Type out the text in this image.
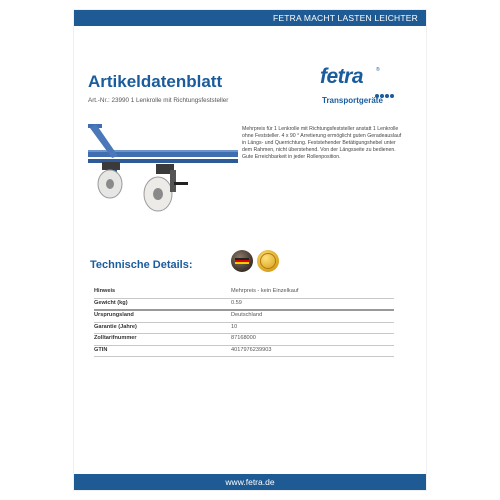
FETRA MACHT LASTEN LEICHTER
Artikeldatenblatt
Art.-Nr.: 23990 1 Lenkrolle mit Richtungsfeststeller
fetra	®
Transportgeräte
Mehrpreis für 1 Lenkrolle mit Richtungsfeststeller anstatt 1 Lenkrolle ohne Feststeller. 4 x 90 ° Arretierung ermöglicht guten Geradeauslauf in Längs- und Querrichtung. Feststehender Betätigungshebel unter dem Rahmen, nicht überstehend. Von der Längsseite zu bedienen. Gute Erreichbarkeit in jeder Rollenposition.
Technische Details:
Hinweis	Mehrpreis - kein Einzelkauf
Gewicht (kg)	0.59
Ursprungsland	Deutschland
Garantie (Jahre)	10
Zolltarifnummer	87168000
GTIN	4017976239903
www.fetra.de
